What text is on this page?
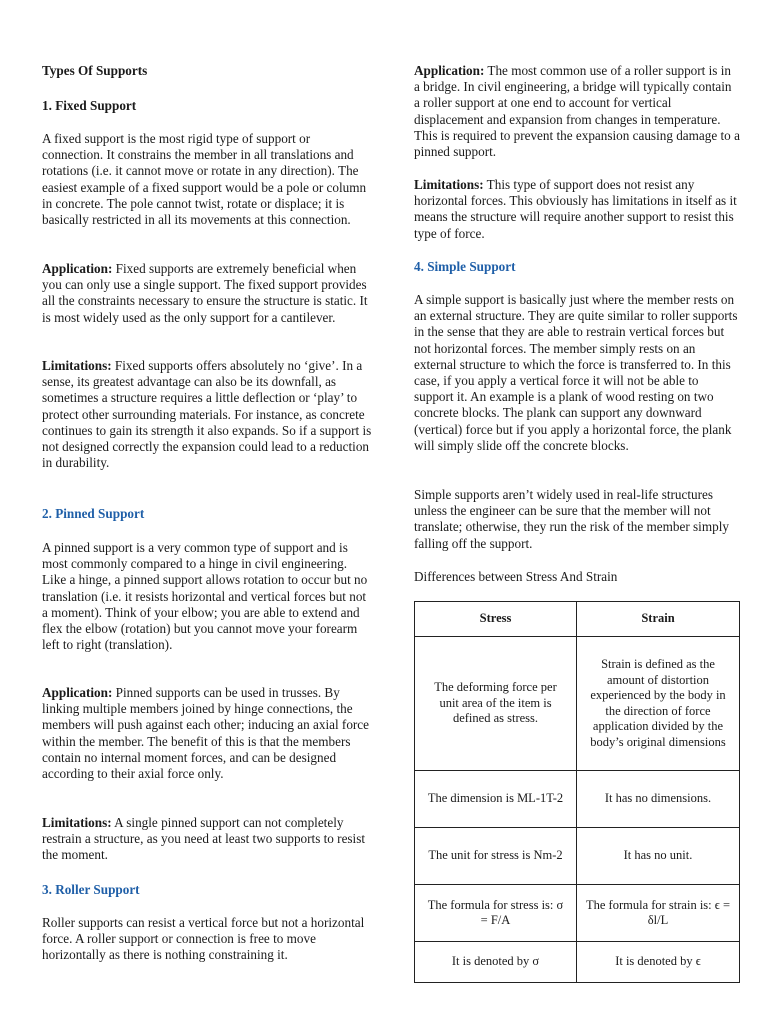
Types Of Supports

1. Fixed Support

A fixed support is the most rigid type of support or connection. It constrains the member in all translations and rotations (i.e. it cannot move or rotate in any direction). The easiest example of a fixed support would be a pole or column in concrete. The pole cannot twist, rotate or displace; it is basically restricted in all its movements at this connection.

Application: Fixed supports are extremely beneficial when you can only use a single support. The fixed support provides all the constraints necessary to ensure the structure is static. It is most widely used as the only support for a cantilever.

Limitations: Fixed supports offers absolutely no ‘give’. In a sense, its greatest advantage can also be its downfall, as sometimes a structure requires a little deflection or ‘play’ to protect other surrounding materials. For instance, as concrete continues to gain its strength it also expands. So if a support is not designed correctly the expansion could lead to a reduction in durability.

2. Pinned Support

A pinned support is a very common type of support and is most commonly compared to a hinge in civil engineering. Like a hinge, a pinned support allows rotation to occur but no translation (i.e. it resists horizontal and vertical forces but not a moment). Think of your elbow; you are able to extend and flex the elbow (rotation) but you cannot move your forearm left to right (translation).

Application: Pinned supports can be used in trusses. By linking multiple members joined by hinge connections, the members will push against each other; inducing an axial force within the member. The benefit of this is that the members contain no internal moment forces, and can be designed according to their axial force only.

Limitations: A single pinned support can not completely restrain a structure, as you need at least two supports to resist the moment.

3. Roller Support

Roller supports can resist a vertical force but not a horizontal force. A roller support or connection is free to move horizontally as there is nothing constraining it.

Application: The most common use of a roller support is in a bridge. In civil engineering, a bridge will typically contain a roller support at one end to account for vertical displacement and expansion from changes in temperature. This is required to prevent the expansion causing damage to a pinned support.

Limitations: This type of support does not resist any horizontal forces. This obviously has limitations in itself as it means the structure will require another support to resist this type of force.

4. Simple Support

A simple support is basically just where the member rests on an external structure. They are quite similar to roller supports in the sense that they are able to restrain vertical forces but not horizontal forces. The member simply rests on an external structure to which the force is transferred to. In this case, if you apply a vertical force it will not be able to support it. An example is a plank of wood resting on two concrete blocks. The plank can support any downward (vertical) force but if you apply a horizontal force, the plank will simply slide off the concrete blocks.

Simple supports aren’t widely used in real-life structures unless the engineer can be sure that the member will not translate; otherwise, they run the risk of the member simply falling off the support.

Differences between Stress And Strain

Stress	Strain
The deforming force per unit area of the item is defined as stress.	Strain is defined as the amount of distortion experienced by the body in the direction of force application divided by the body’s original dimensions
The dimension is ML-1T-2	It has no dimensions.
The unit for stress is Nm-2	It has no unit.
The formula for stress is: σ = F/A	The formula for strain is: ϵ = δl/L
It is denoted by σ	It is denoted by ϵ
